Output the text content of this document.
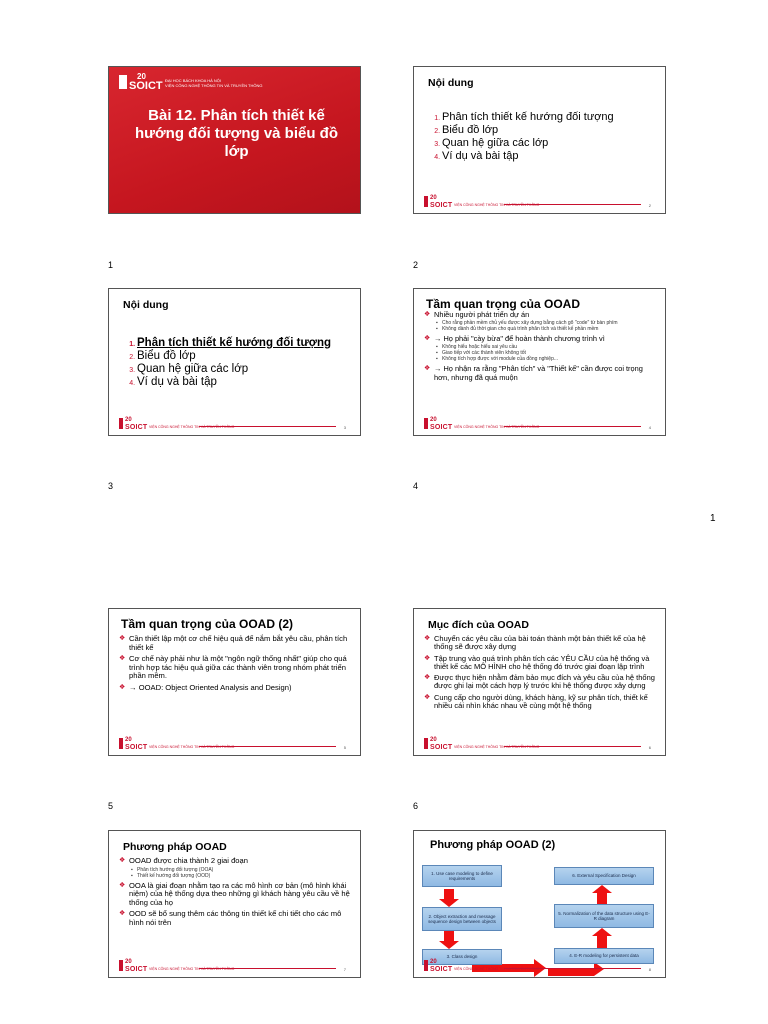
20
SOICT ĐẠI HỌC BÁCH KHOA HÀ NỘI
VIỆN CÔNG NGHỆ THÔNG TIN VÀ TRUYỀN THÔNG
Bài 12. Phân tích thiết kế hướng đối tượng và biểu đồ lớp
1
Nội dung
1. Phân tích thiết kế hướng đối tượng
2. Biểu đồ lớp
3. Quan hệ giữa các lớp
4. Ví dụ và bài tập
20
SOICT VIỆN CÔNG NGHỆ THÔNG TIN VÀ TRUYỀN THÔNG	2
2
Nội dung
1. Phân tích thiết kế hướng đối tượng
2. Biểu đồ lớp
3. Quan hệ giữa các lớp
4. Ví dụ và bài tập
20
SOICT VIỆN CÔNG NGHỆ THÔNG TIN VÀ TRUYỀN THÔNG	3
3
Tầm quan trọng của OOAD
❖ Nhiều người phát triển dự án
▪ Cho rằng phần mềm chủ yếu được xây dựng bằng cách gõ "code" từ bàn phím
▪ Không dành đủ thời gian cho quá trình phân tích và thiết kế phần mềm
❖ → Họ phải "cày bừa" để hoàn thành chương trình vì
▪ Không hiểu hoặc hiểu sai yêu cầu
▪ Giao tiếp với các thành viên không tốt
▪ Không tích hợp được với module của đồng nghiệp...
❖ → Họ nhận ra rằng "Phân tích" và "Thiết kế" cần được coi trọng hơn, nhưng đã quá muộn
20
SOICT VIỆN CÔNG NGHỆ THÔNG TIN VÀ TRUYỀN THÔNG	4
4
1
Tầm quan trọng của OOAD (2)
❖ Cần thiết lập một cơ chế hiệu quả để nắm bắt yêu cầu, phân tích thiết kế
❖ Cơ chế này phải như là một "ngôn ngữ thống nhất" giúp cho quá trình hợp tác hiệu quả giữa các thành viên trong nhóm phát triển phần mềm.
❖ → OOAD: Object Oriented Analysis and Design)
20
SOICT VIỆN CÔNG NGHỆ THÔNG TIN VÀ TRUYỀN THÔNG	5
5
Mục đích của OOAD
❖ Chuyển các yêu cầu của bài toán thành một bản thiết kế của hệ thống sẽ được xây dựng
❖ Tập trung vào quá trình phân tích các YÊU CẦU của hệ thống và thiết kế các MÔ HÌNH cho hệ thống đó trước giai đoạn lập trình
❖ Được thực hiện nhằm đảm bảo mục đích và yêu cầu của hệ thống được ghi lại một cách hợp lý trước khi hệ thống được xây dựng
❖ Cung cấp cho người dùng, khách hàng, kỹ sư phân tích, thiết kế nhiều cái nhìn khác nhau về cùng một hệ thống
20
SOICT VIỆN CÔNG NGHỆ THÔNG TIN VÀ TRUYỀN THÔNG	6
6
Phương pháp OOAD
❖ OOAD được chia thành 2 giai đoạn
▪ Phân tích hướng đối tượng (OOA)
▪ Thiết kế hướng đối tượng (OOD)
❖ OOA là giai đoạn nhằm tạo ra các mô hình cơ bản (mô hình khái niệm) của hệ thống dựa theo những gì khách hàng yêu cầu về hệ thống của họ
❖ OOD sẽ bổ sung thêm các thông tin thiết kế chi tiết cho các mô hình nói trên
20
SOICT VIỆN CÔNG NGHỆ THÔNG TIN VÀ TRUYỀN THÔNG	7
Phương pháp OOAD (2)
1. Use case modeling to define requirements
2. Object extraction and message sequence design between objects
3. Class design	4. E-R modeling for persistent data
5. Normalization of the data structure using E-R diagram
6. External Specification Design
20
SOICT VIỆN CÔNG NGHỆ THÔNG TIN VÀ TRUYỀN THÔNG	8
